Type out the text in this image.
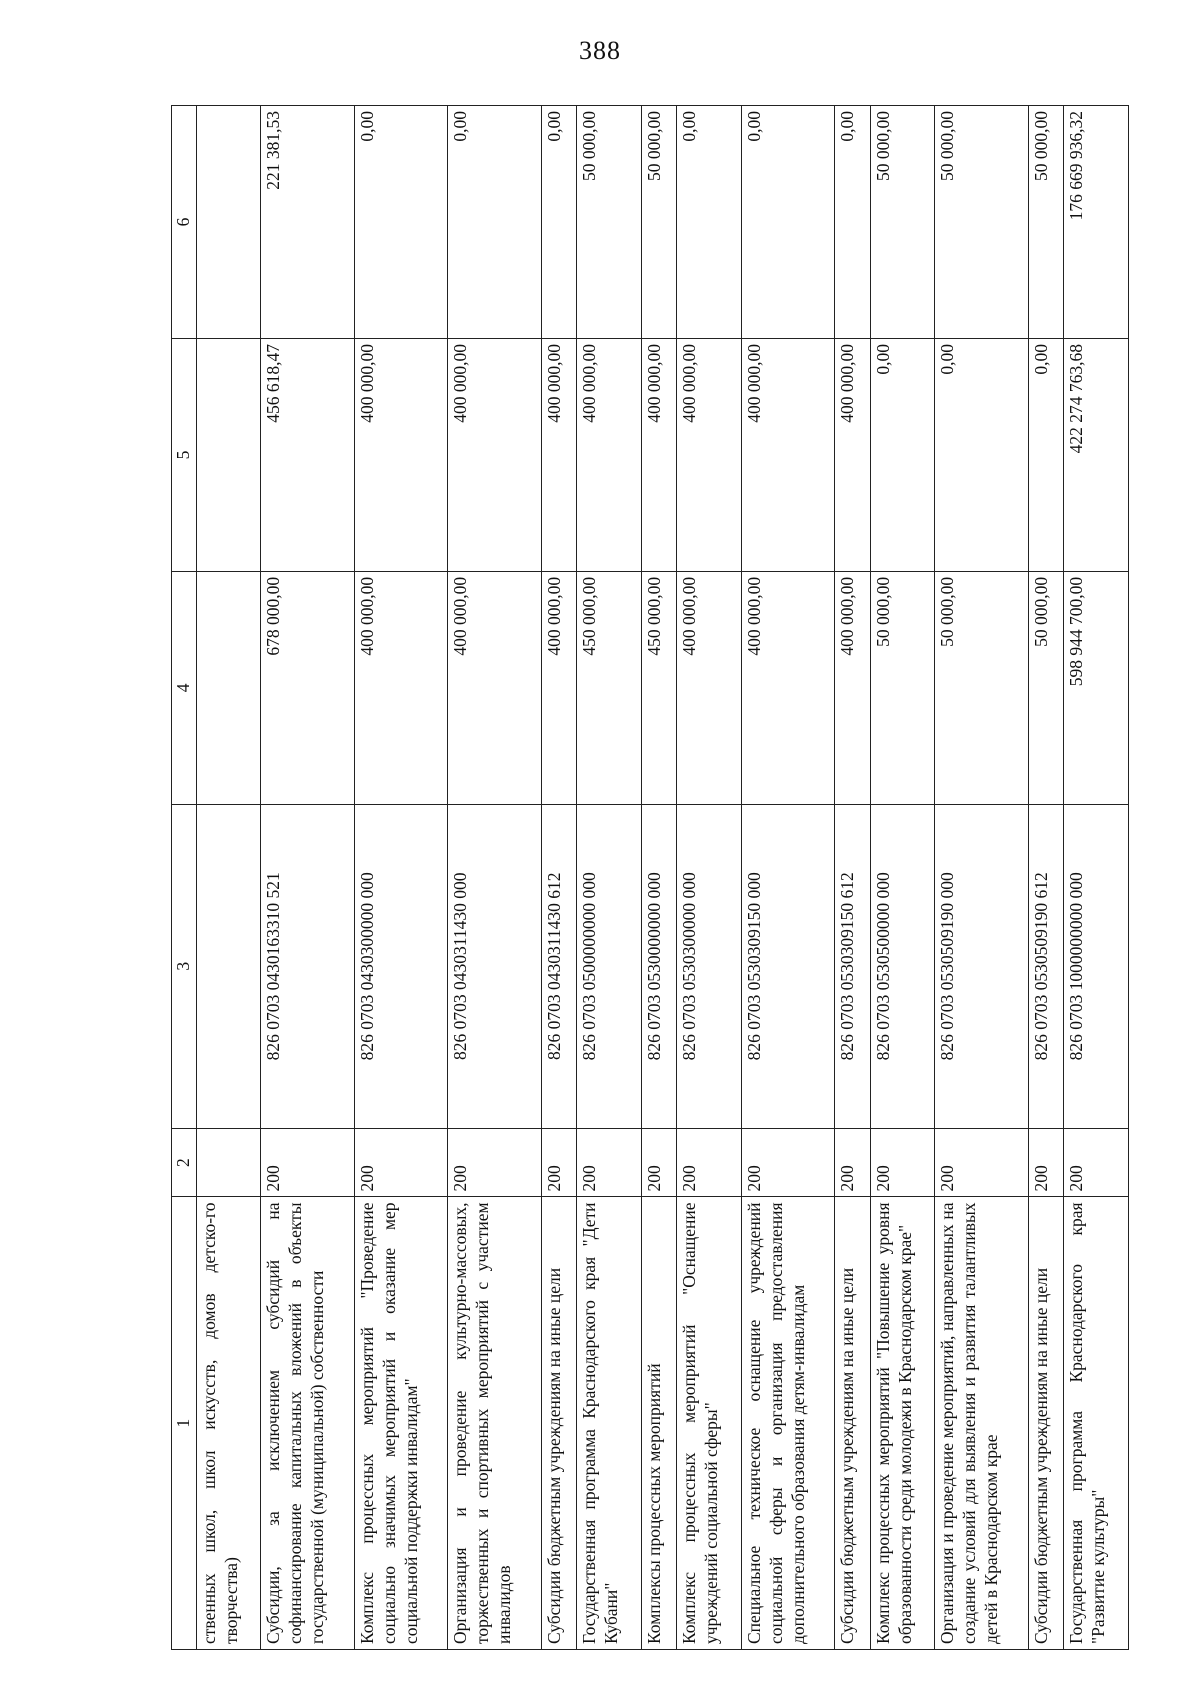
388
1	2	3	4	5	6
ственных школ, школ искусств, домов детско-го творчества)					
Субсидии, за исключением субсидий на софинансирование капитальных вложений в объекты государственной (муниципальной) собственности	200	826 0703 0430163310 521	678 000,00	456 618,47	221 381,53
Комплекс процессных мероприятий "Проведение социально значимых мероприятий и оказание мер социальной поддержки инвалидам"	200	826 0703 0430300000 000	400 000,00	400 000,00	0,00
Организация и проведение культурно-массовых, торжественных и спортивных мероприятий с участием инвалидов	200	826 0703 0430311430 000	400 000,00	400 000,00	0,00
Субсидии бюджетным учреждениям на иные цели	200	826 0703 0430311430 612	400 000,00	400 000,00	0,00
Государственная программа Краснодарского края "Дети Кубани"	200	826 0703 0500000000 000	450 000,00	400 000,00	50 000,00
Комплексы процессных мероприятий	200	826 0703 0530000000 000	450 000,00	400 000,00	50 000,00
Комплекс процессных мероприятий "Оснащение учреждений социальной сферы"	200	826 0703 0530300000 000	400 000,00	400 000,00	0,00
Специальное техническое оснащение учреждений социальной сферы и организация предоставления дополнительного образования детям-инвалидам	200	826 0703 0530309150 000	400 000,00	400 000,00	0,00
Субсидии бюджетным учреждениям на иные цели	200	826 0703 0530309150 612	400 000,00	400 000,00	0,00
Комплекс процессных мероприятий "Повышение уровня образованности среди молодежи в Краснодарском крае"	200	826 0703 0530500000 000	50 000,00	0,00	50 000,00
Организация и проведение мероприятий, направленных на создание условий для выявления и развития талантливых детей в Краснодарском крае	200	826 0703 0530509190 000	50 000,00	0,00	50 000,00
Субсидии бюджетным учреждениям на иные цели	200	826 0703 0530509190 612	50 000,00	0,00	50 000,00
Государственная программа Краснодарского края "Развитие культуры"	200	826 0703 1000000000 000	598 944 700,00	422 274 763,68	176 669 936,32
